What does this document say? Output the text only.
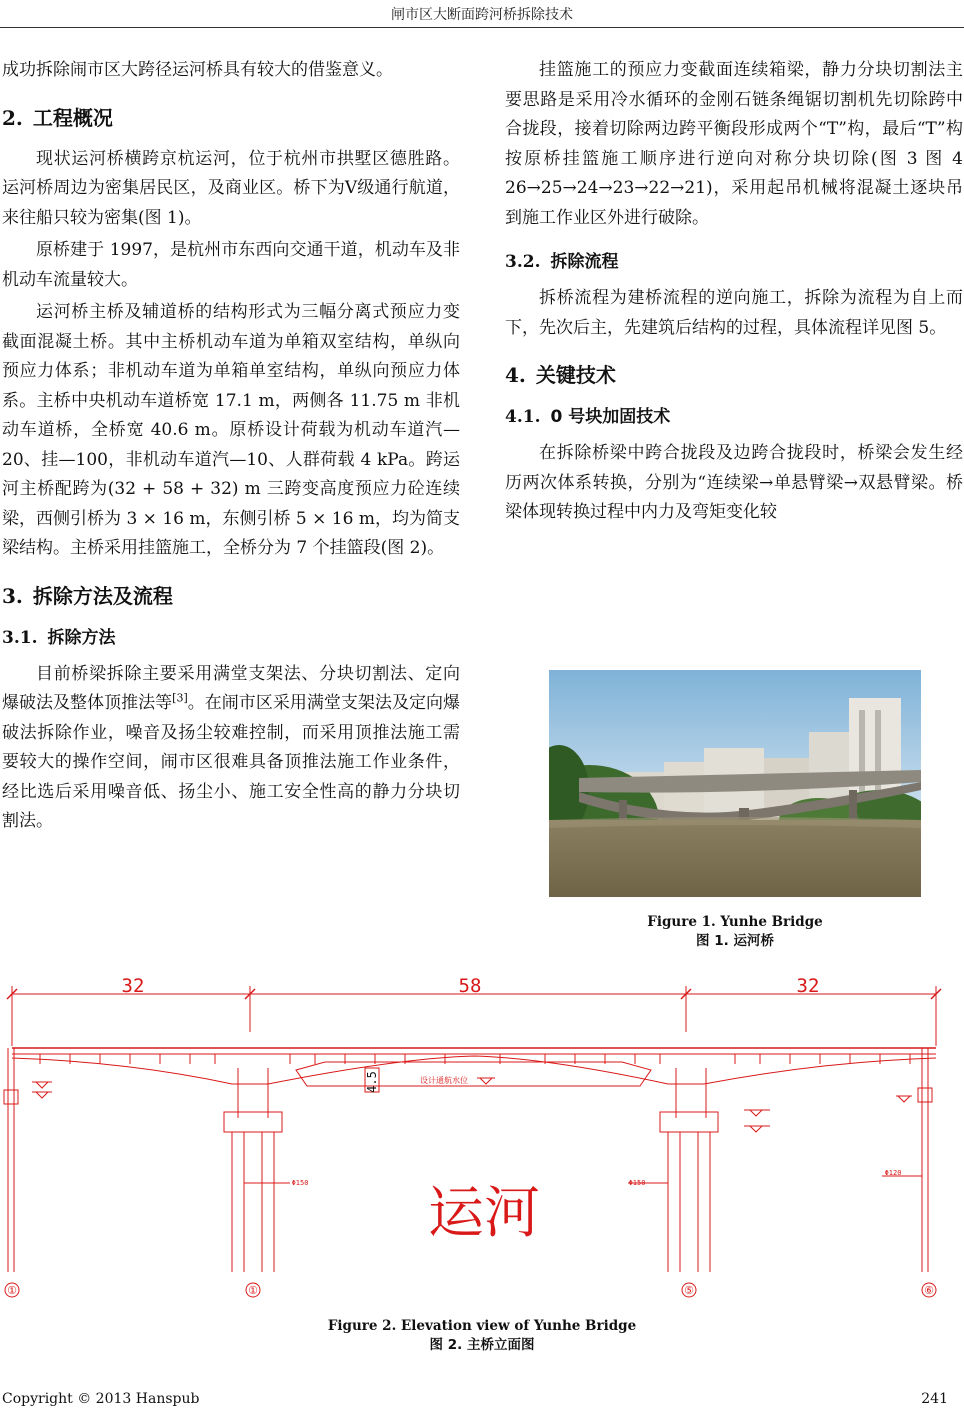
闸市区大断面跨河桥拆除技术

成功拆除闹市区大跨径运河桥具有较大的借鉴意义。

2. 工程概况

现状运河桥横跨京杭运河，位于杭州市拱墅区德胜路。运河桥周边为密集居民区，及商业区。桥下为Ⅴ级通行航道，来往船只较为密集(图 1)。

原桥建于 1997，是杭州市东西向交通干道，机动车及非机动车流量较大。

运河桥主桥及辅道桥的结构形式为三幅分离式预应力变截面混凝土桥。其中主桥机动车道为单箱双室结构，单纵向预应力体系；非机动车道为单箱单室结构，单纵向预应力体系。主桥中央机动车道桥宽 17.1 m，两侧各 11.75 m 非机动车道桥，全桥宽 40.6 m。原桥设计荷载为机动车道汽—20、挂—100，非机动车道汽—10、人群荷载 4 kPa。跨运河主桥配跨为(32 + 58 + 32) m 三跨变高度预应力砼连续梁，西侧引桥为 3 × 16 m，东侧引桥 5 × 16 m，均为简支梁结构。主桥采用挂篮施工，全桥分为 7 个挂篮段(图 2)。

3. 拆除方法及流程
3.1. 拆除方法

目前桥梁拆除主要采用满堂支架法、分块切割法、定向爆破法及整体顶推法等[3]。在闹市区采用满堂支架法及定向爆破法拆除作业，噪音及扬尘较难控制，而采用顶推法施工需要较大的操作空间，闹市区很难具备顶推法施工作业条件，经比选后采用噪音低、扬尘小、施工安全性高的静力分块切割法。

挂篮施工的预应力变截面连续箱梁，静力分块切割法主要思路是采用冷水循环的金刚石链条绳锯切割机先切除跨中合拢段，接着切除两边跨平衡段形成两个“T”构，最后“T”构按原桥挂篮施工顺序进行逆向对称分块切除(图 3 图 4 26→25→24→23→22→21)，采用起吊机械将混凝土逐块吊到施工作业区外进行破除。

3.2. 拆除流程

拆桥流程为建桥流程的逆向施工，拆除为流程为自上而下，先次后主，先建筑后结构的过程，具体流程详见图 5。

4. 关键技术
4.1. 0 号块加固技术

在拆除桥梁中跨合拢段及边跨合拢段时，桥梁会发生经历两次体系转换，分别为“连续梁→单悬臂梁→双悬臂梁。桥梁体现转换过程中内力及弯矩变化较

Figure 1. Yunhe Bridge
图 1. 运河桥
32	58	32
4.5	设计通航水位
Φ150	Φ150
Φ120
运河
①	①	⑤	⑥
Figure 2. Elevation view of Yunhe Bridge
图 2. 主桥立面图
Copyright © 2013 Hanspub	241
